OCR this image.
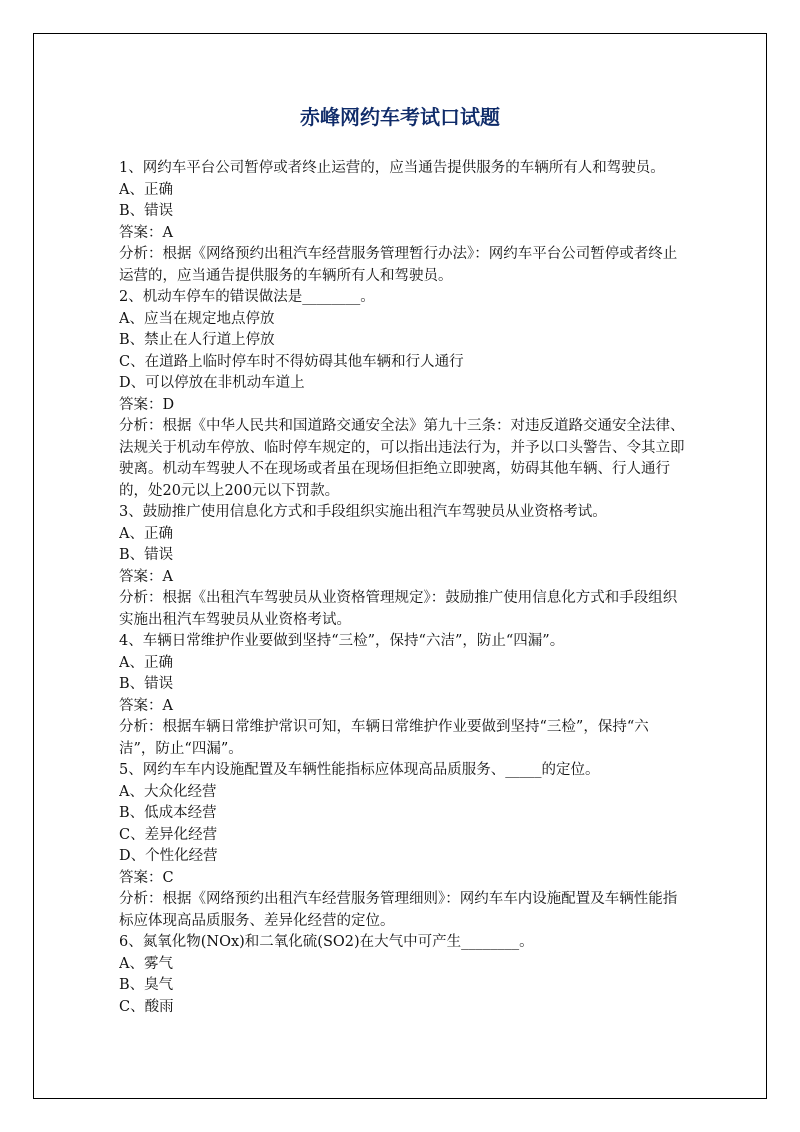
赤峰网约车考试口试题

1、网约车平台公司暂停或者终止运营的，应当通告提供服务的车辆所有人和驾驶员。

A、正确

B、错误

答案：A

分析：根据《网络预约出租汽车经营服务管理暂行办法》：网约车平台公司暂停或者终止运营的，应当通告提供服务的车辆所有人和驾驶员。

2、机动车停车的错误做法是________。

A、应当在规定地点停放

B、禁止在人行道上停放

C、在道路上临时停车时不得妨碍其他车辆和行人通行

D、可以停放在非机动车道上

答案：D

分析：根据《中华人民共和国道路交通安全法》第九十三条：对违反道路交通安全法律、法规关于机动车停放、临时停车规定的，可以指出违法行为，并予以口头警告、令其立即驶离。机动车驾驶人不在现场或者虽在现场但拒绝立即驶离，妨碍其他车辆、行人通行的，处20元以上200元以下罚款。

3、鼓励推广使用信息化方式和手段组织实施出租汽车驾驶员从业资格考试。

A、正确

B、错误

答案：A

分析：根据《出租汽车驾驶员从业资格管理规定》：鼓励推广使用信息化方式和手段组织实施出租汽车驾驶员从业资格考试。

4、车辆日常维护作业要做到坚持“三检”，保持“六洁”，防止“四漏”。

A、正确

B、错误

答案：A

分析：根据车辆日常维护常识可知，车辆日常维护作业要做到坚持“三检”，保持“六洁”，防止“四漏”。

5、网约车车内设施配置及车辆性能指标应体现高品质服务、_____的定位。

A、大众化经营

B、低成本经营

C、差异化经营

D、个性化经营

答案：C

分析：根据《网络预约出租汽车经营服务管理细则》：网约车车内设施配置及车辆性能指标应体现高品质服务、差异化经营的定位。

6、氮氧化物(NOx)和二氧化硫(SO2)在大气中可产生________。

A、雾气

B、臭气

C、酸雨
